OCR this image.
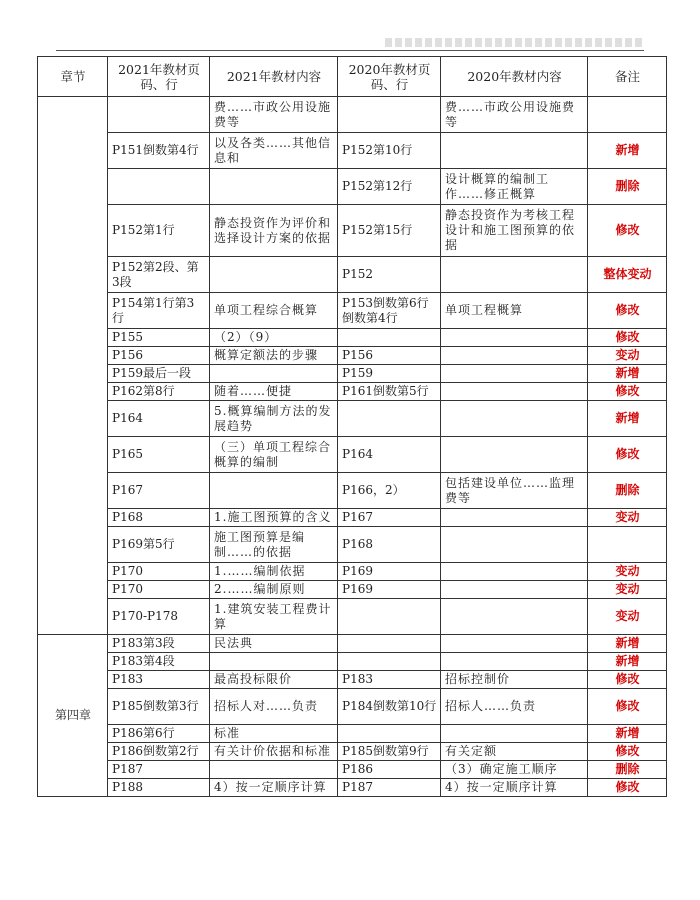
章节	2021年教材页码、行	2021年教材内容	2020年教材页码、行	2020年教材内容	备注
		费……市政公用设施费等		费……市政公用设施费等	
	P151倒数第4行	以及各类……其他信息和	P152第10行		新增
			P152第12行	设计概算的编制工作……修正概算	删除
	P152第1行	静态投资作为评价和选择设计方案的依据	P152第15行	静态投资作为考核工程设计和施工图预算的依据	修改
	P152第2段、第3段		P152		整体变动
	P154第1行第3行	单项工程综合概算	P153倒数第6行倒数第4行	单项工程概算	修改
	P155	（2）（9）			修改
	P156	概算定额法的步骤	P156		变动
	P159最后一段		P159		新增
	P162第8行	随着……便捷	P161倒数第5行		修改
	P164	5.概算编制方法的发展趋势			新增
	P165	（三）单项工程综合概算的编制	P164		修改
	P167		P166，2）	包括建设单位……监理费等	删除
	P168	1.施工图预算的含义	P167		变动
	P169第5行	施工图预算是编制……的依据	P168		
	P170	1.……编制依据	P169		变动
	P170	2.……编制原则	P169		变动
	P170-P178	1.建筑安装工程费计算			变动
第四章	P183第3段	民法典			新增
	P183第4段				新增
	P183	最高投标限价	P183	招标控制价	修改
	P185倒数第3行	招标人对……负责	P184倒数第10行	招标人……负责	修改
	P186第6行	标准			新增
	P186倒数第2行	有关计价依据和标准	P185倒数第9行	有关定额	修改
	P187		P186	（3）确定施工顺序	删除
	P188	4）按一定顺序计算	P187	4）按一定顺序计算	修改
